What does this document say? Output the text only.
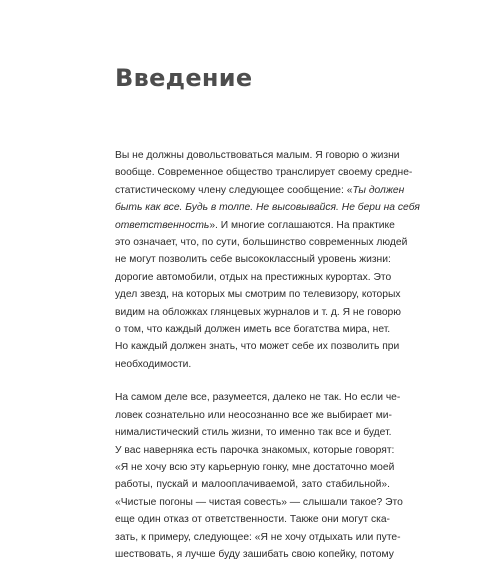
Введение

Вы не должны довольствоваться малым. Я говорю о жизни
вообще. Современное общество транслирует своему средне-
статистическому члену следующее сообщение: «Ты должен
быть как все. Будь в толпе. Не высовывайся. Не бери на себя
ответственность». И многие соглашаются. На практике
это означает, что, по сути, большинство современных людей
не могут позволить себе высококлассный уровень жизни:
дорогие автомобили, отдых на престижных курортах. Это
удел звезд, на которых мы смотрим по телевизору, которых
видим на обложках глянцевых журналов и т. д. Я не говорю
о том, что каждый должен иметь все богатства мира, нет.
Но каждый должен знать, что может себе их позволить при
необходимости.

На самом деле все, разумеется, далеко не так. Но если че-
ловек сознательно или неосознанно все же выбирает ми-
нималистический стиль жизни, то именно так все и будет.
У вас наверняка есть парочка знакомых, которые говорят:
«Я не хочу всю эту карьерную гонку, мне достаточно моей
работы, пускай и малооплачиваемой, зато стабильной».
«Чистые погоны — чистая совесть» — слышали такое? Это
еще один отказ от ответственности. Также они могут ска-
зать, к примеру, следующее: «Я не хочу отдыхать или путе-
шествовать, я лучше буду зашибать свою копейку, потому
